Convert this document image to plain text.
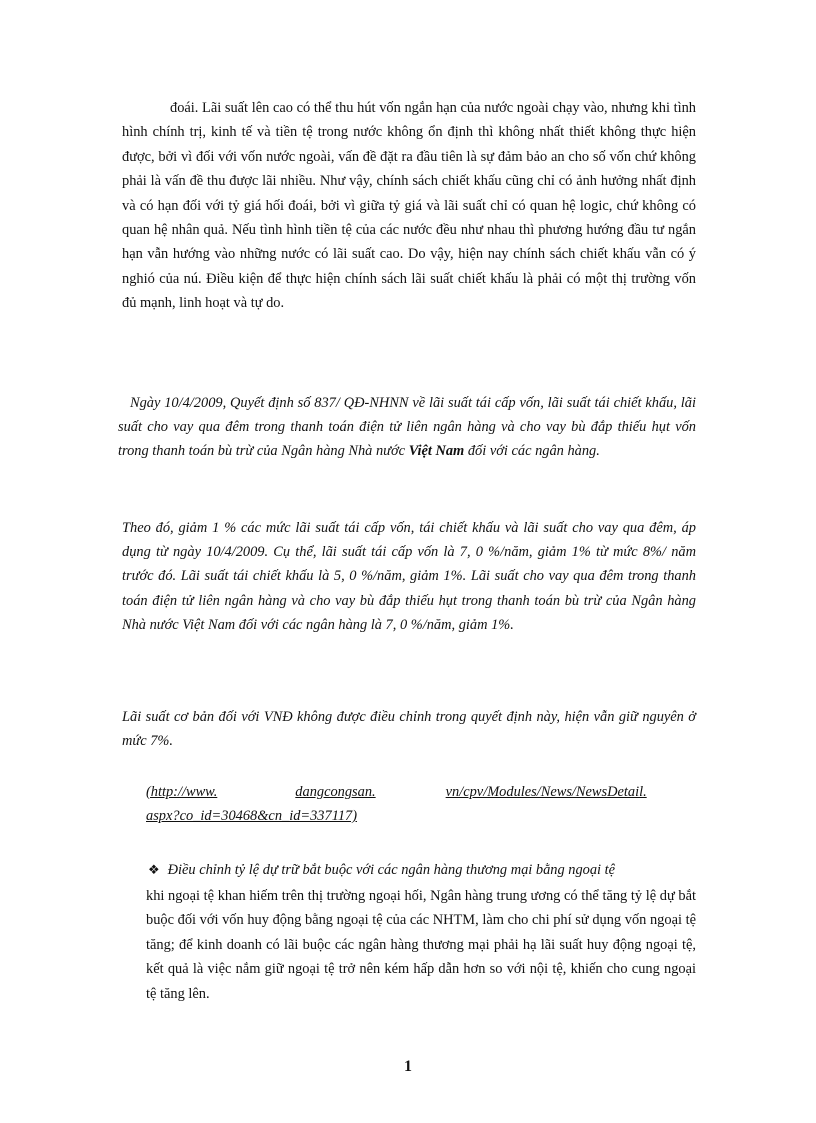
đoái. Lãi suất lên cao có thể thu hút vốn ngắn hạn của nước ngoài chạy vào, nhưng khi tình hình chính trị, kinh tế và tiền tệ trong nước không ổn định thì không nhất thiết không thực hiện được, bởi vì đối với vốn nước ngoài, vấn đề đặt ra đầu tiên là sự đảm bảo an cho số vốn chứ không phải là vấn đề thu được lãi nhiều. Như vậy, chính sách chiết khấu cũng chỉ có ảnh hưởng nhất định và có hạn đối với tỷ giá hối đoái, bởi vì giữa tỷ giá và lãi suất chỉ có quan hệ logic, chứ không có quan hệ nhân quả. Nếu tình hình tiền tệ của các nước đều như nhau thì phương hướng đầu tư ngắn hạn vẫn hướng vào những nước có lãi suất cao. Do vậy, hiện nay chính sách chiết khấu vẫn có ý nghió của nú. Điều kiện để thực hiện chính sách lãi suất chiết khấu là phải có một thị trường vốn đủ mạnh, linh hoạt và tự do.

Ngày 10/4/2009, Quyết định số 837/ QĐ-NHNN về lãi suất tái cấp vốn, lãi suất tái chiết khấu, lãi suất cho vay qua đêm trong thanh toán điện tử liên ngân hàng và cho vay bù đắp thiếu hụt vốn trong thanh toán bù trừ của Ngân hàng Nhà nước Việt Nam đối với các ngân hàng.

Theo đó, giảm 1 % các mức lãi suất tái cấp vốn, tái chiết khấu và lãi suất cho vay qua đêm, áp dụng từ ngày 10/4/2009. Cụ thể, lãi suất tái cấp vốn là 7, 0 %/năm, giảm 1% từ mức 8%/ năm trước đó. Lãi suất tái chiết khấu là 5, 0 %/năm, giảm 1%. Lãi suất cho vay qua đêm trong thanh toán điện tử liên ngân hàng và cho vay bù đắp thiếu hụt trong thanh toán bù trừ của Ngân hàng Nhà nước Việt Nam đối với các ngân hàng là 7, 0 %/năm, giảm 1%.

Lãi suất cơ bản đối với VNĐ không được điều chỉnh trong quyết định này, hiện vẫn giữ nguyên ở mức 7%.

(http://www.	dangcongsan.	vn/cpv/Modules/News/NewsDetail.
aspx?co_id=30468&cn_id=337117)

❖ Điều chỉnh tỷ lệ dự trữ bắt buộc với các ngân hàng thương mại bằng ngoại tệ

khi ngoại tệ khan hiếm trên thị trường ngoại hối, Ngân hàng trung ương có thể tăng tỷ lệ dự bắt buộc đối với vốn huy động bằng ngoại tệ của các NHTM, làm cho chi phí sử dụng vốn ngoại tệ tăng; để kinh doanh có lãi buộc các ngân hàng thương mại phải hạ lãi suất huy động ngoại tệ, kết quả là việc nắm giữ ngoại tệ trở nên kém hấp dẫn hơn so với nội tệ, khiến cho cung ngoại tệ tăng lên.

1
